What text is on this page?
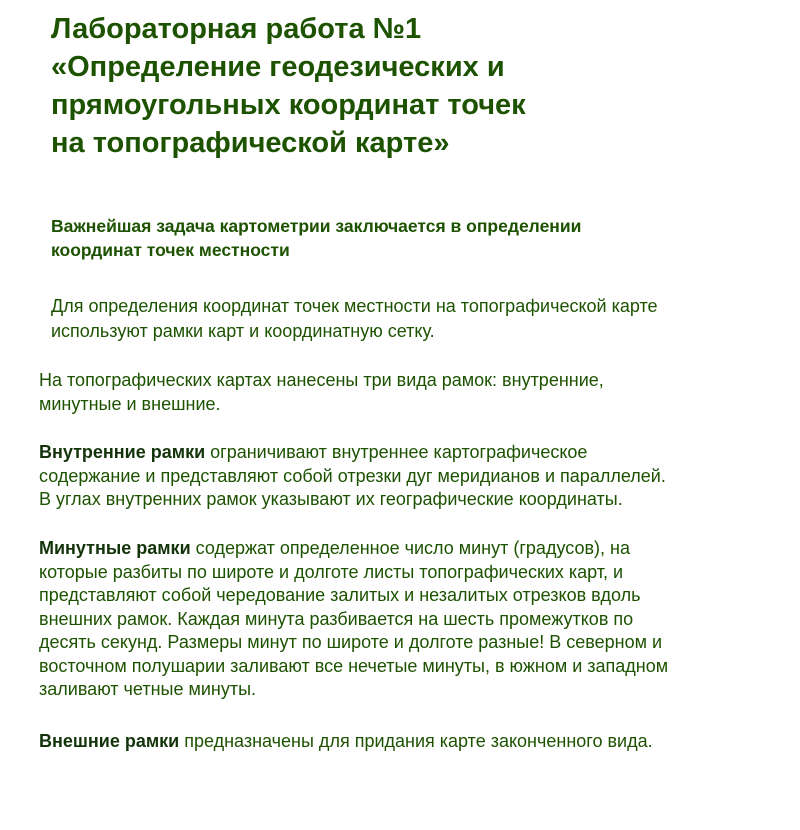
Лабораторная работа №1
«Определение геодезических и
прямоугольных координат точек
на топографической карте»

Важнейшая задача картометрии заключается в определении
координат точек местности

Для определения координат точек местности на топографической карте
используют рамки карт и координатную сетку.

На топографических картах нанесены три вида рамок: внутренние,
минутные и внешние.

Внутренние рамки ограничивают внутреннее картографическое
содержание и представляют собой отрезки дуг меридианов и параллелей.
В углах внутренних рамок указывают их географические координаты.

Минутные рамки содержат определенное число минут (градусов), на
которые разбиты по широте и долготе листы топографических карт, и
представляют собой чередование залитых и незалитых отрезков вдоль
внешних рамок. Каждая минута разбивается на шесть промежутков по
десять секунд. Размеры минут по широте и долготе разные! В северном и
восточном полушарии заливают все нечетые минуты, в южном и западном
заливают четные минуты.

Внешние рамки предназначены для придания карте законченного вида.
